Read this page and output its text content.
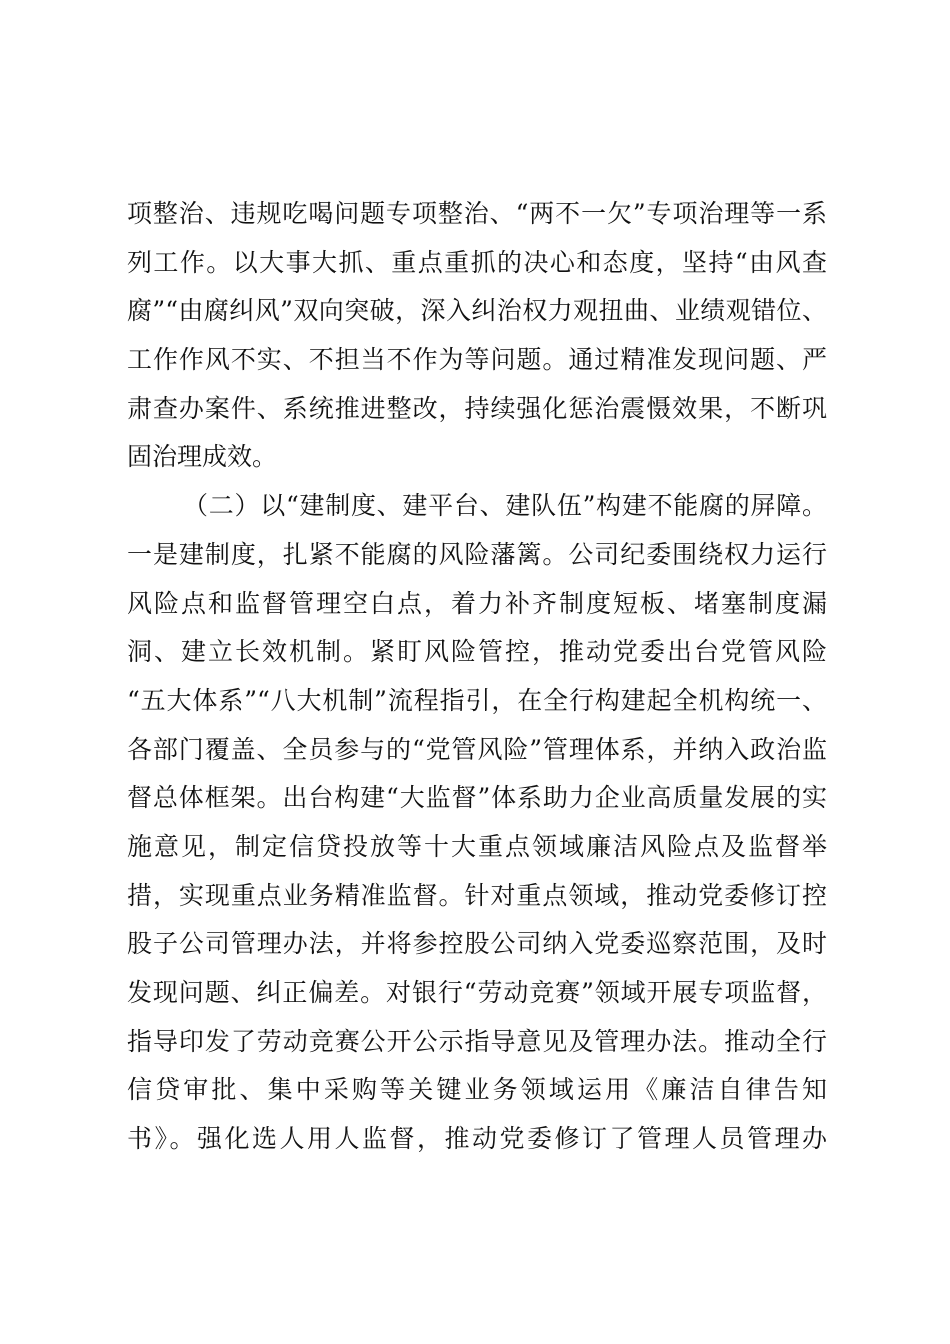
项整治、违规吃喝问题专项整治、“两不一欠”专项治理等一系
列工作。以大事大抓、重点重抓的决心和态度，坚持“由风查
腐”“由腐纠风”双向突破，深入纠治权力观扭曲、业绩观错位、
工作作风不实、不担当不作为等问题。通过精准发现问题、严
肃查办案件、系统推进整改，持续强化惩治震慑效果，不断巩
固治理成效。
（二）以“建制度、建平台、建队伍”构建不能腐的屏障。
一是建制度，扎紧不能腐的风险藩篱。公司纪委围绕权力运行
风险点和监督管理空白点，着力补齐制度短板、堵塞制度漏
洞、建立长效机制。紧盯风险管控，推动党委出台党管风险
“五大体系”“八大机制”流程指引，在全行构建起全机构统一、
各部门覆盖、全员参与的“党管风险”管理体系，并纳入政治监
督总体框架。出台构建“大监督”体系助力企业高质量发展的实
施意见，制定信贷投放等十大重点领域廉洁风险点及监督举
措，实现重点业务精准监督。针对重点领域，推动党委修订控
股子公司管理办法，并将参控股公司纳入党委巡察范围，及时
发现问题、纠正偏差。对银行“劳动竞赛”领域开展专项监督，
指导印发了劳动竞赛公开公示指导意见及管理办法。推动全行
信贷审批、集中采购等关键业务领域运用《廉洁自律告知
书》。强化选人用人监督，推动党委修订了管理人员管理办
